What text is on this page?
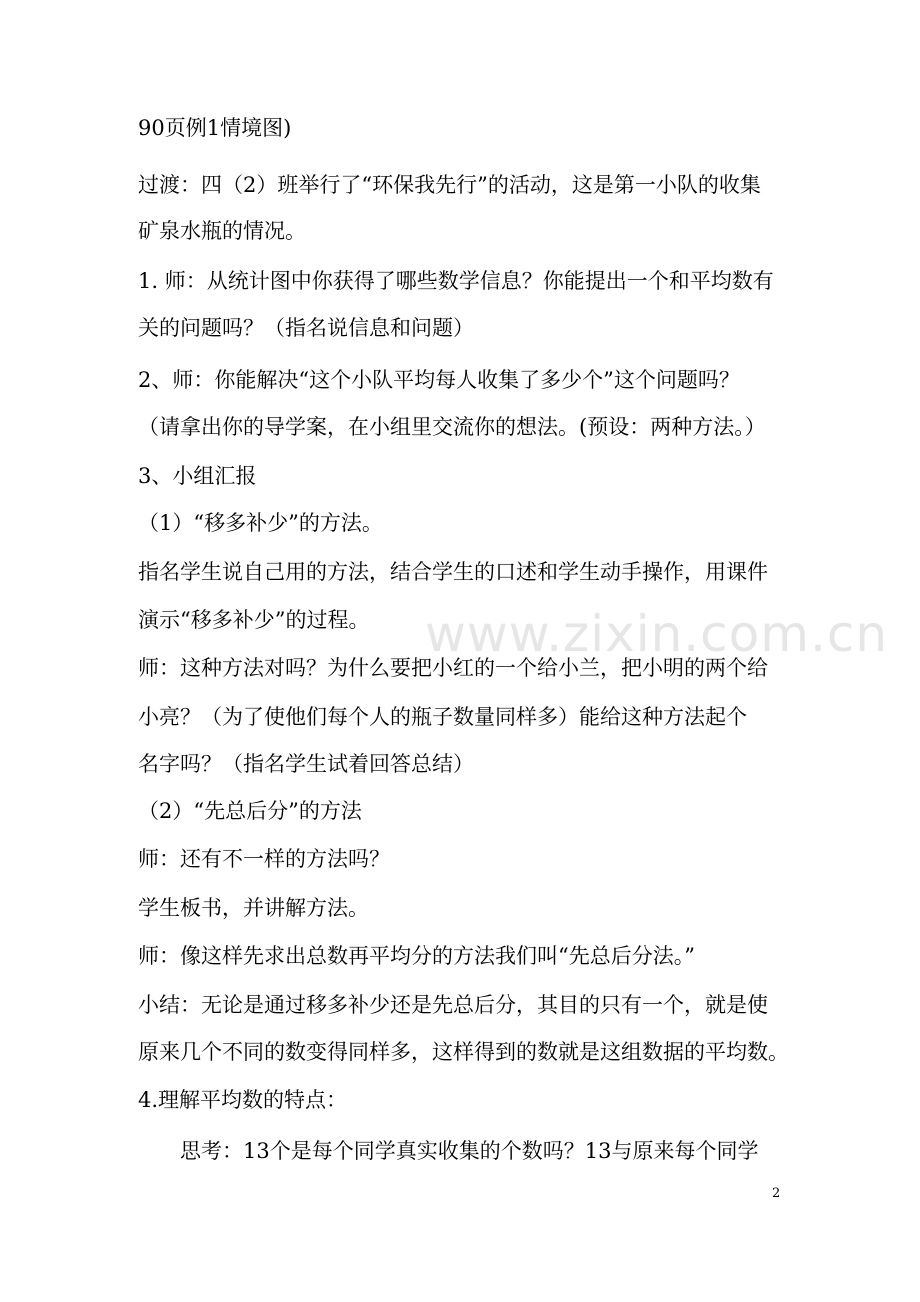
90页例1情境图)

过渡：四（2）班举行了“环保我先行”的活动，这是第一小队的收集

矿泉水瓶的情况。

1. 师：从统计图中你获得了哪些数学信息？你能提出一个和平均数有

关的问题吗？（指名说信息和问题）

2、师：你能解决“这个小队平均每人收集了多少个”这个问题吗？

（请拿出你的导学案，在小组里交流你的想法。(预设：两种方法。）

3、小组汇报

（1）“移多补少”的方法。

指名学生说自己用的方法，结合学生的口述和学生动手操作，用课件

演示“移多补少”的过程。

师：这种方法对吗？为什么要把小红的一个给小兰，把小明的两个给

小亮？（为了使他们每个人的瓶子数量同样多）能给这种方法起个

名字吗？（指名学生试着回答总结）

（2）“先总后分”的方法

师：还有不一样的方法吗？

学生板书，并讲解方法。

师：像这样先求出总数再平均分的方法我们叫“先总后分法。”

小结：无论是通过移多补少还是先总后分，其目的只有一个，就是使

原来几个不同的数变得同样多，这样得到的数就是这组数据的平均数。

4.理解平均数的特点：

思考：13个是每个同学真实收集的个数吗？13与原来每个同学

www.zixin.com.cn
2
